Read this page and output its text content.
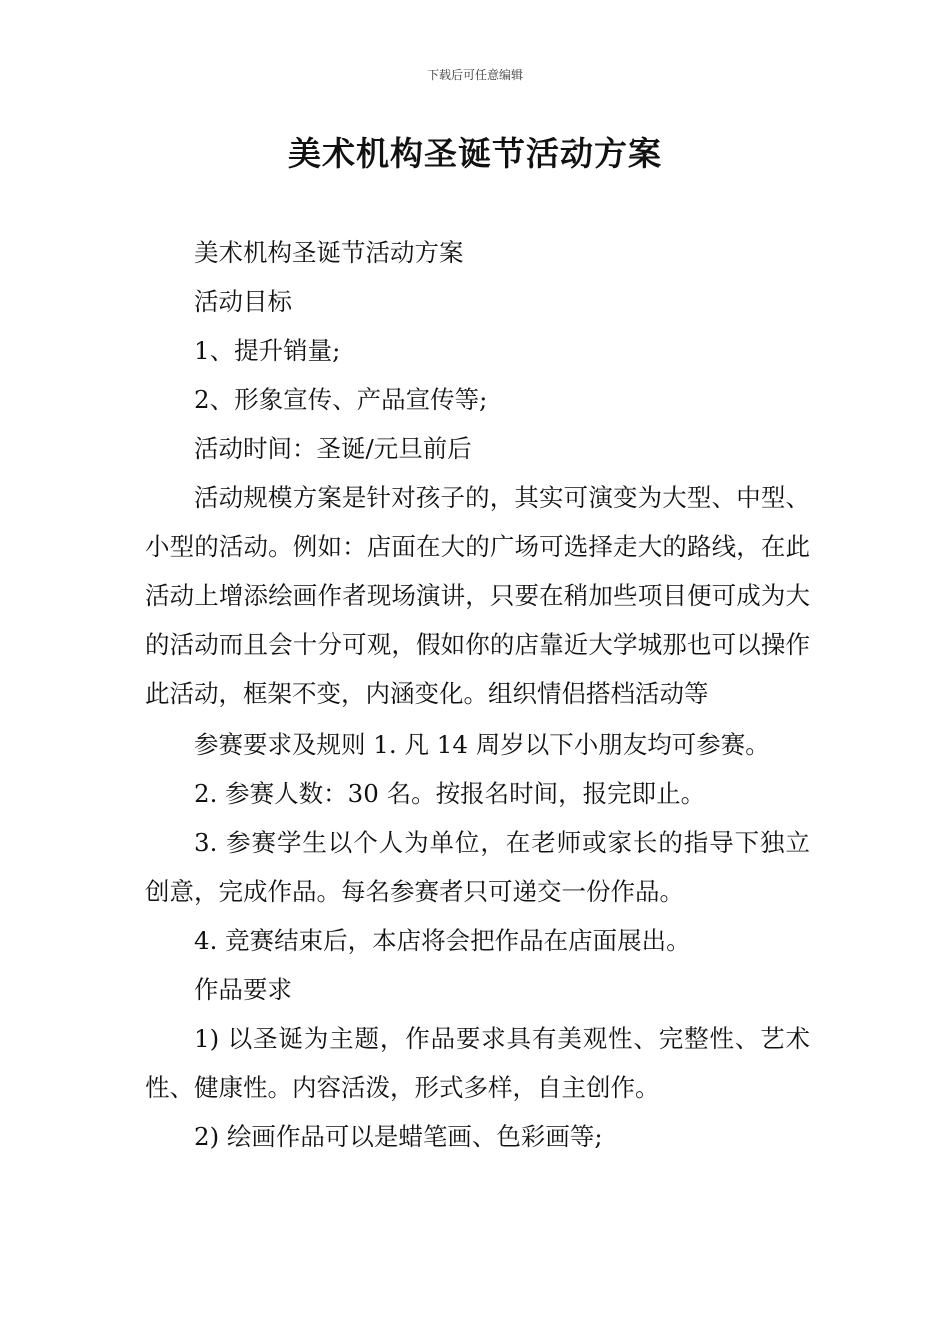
下载后可任意编辑
美术机构圣诞节活动方案

美术机构圣诞节活动方案

活动目标

1、提升销量;

2、形象宣传、产品宣传等;

活动时间：圣诞/元旦前后

活动规模方案是针对孩子的，其实可演变为大型、中型、小型的活动。例如：店面在大的广场可选择走大的路线，在此活动上增添绘画作者现场演讲，只要在稍加些项目便可成为大的活动而且会十分可观，假如你的店靠近大学城那也可以操作此活动，框架不变，内涵变化。组织情侣搭档活动等

参赛要求及规则 1. 凡 14 周岁以下小朋友均可参赛。

2. 参赛人数：30 名。按报名时间，报完即止。

3. 参赛学生以个人为单位，在老师或家长的指导下独立创意，完成作品。每名参赛者只可递交一份作品。

4. 竞赛结束后，本店将会把作品在店面展出。

作品要求

1) 以圣诞为主题，作品要求具有美观性、完整性、艺术性、健康性。内容活泼，形式多样，自主创作。

2) 绘画作品可以是蜡笔画、色彩画等;
